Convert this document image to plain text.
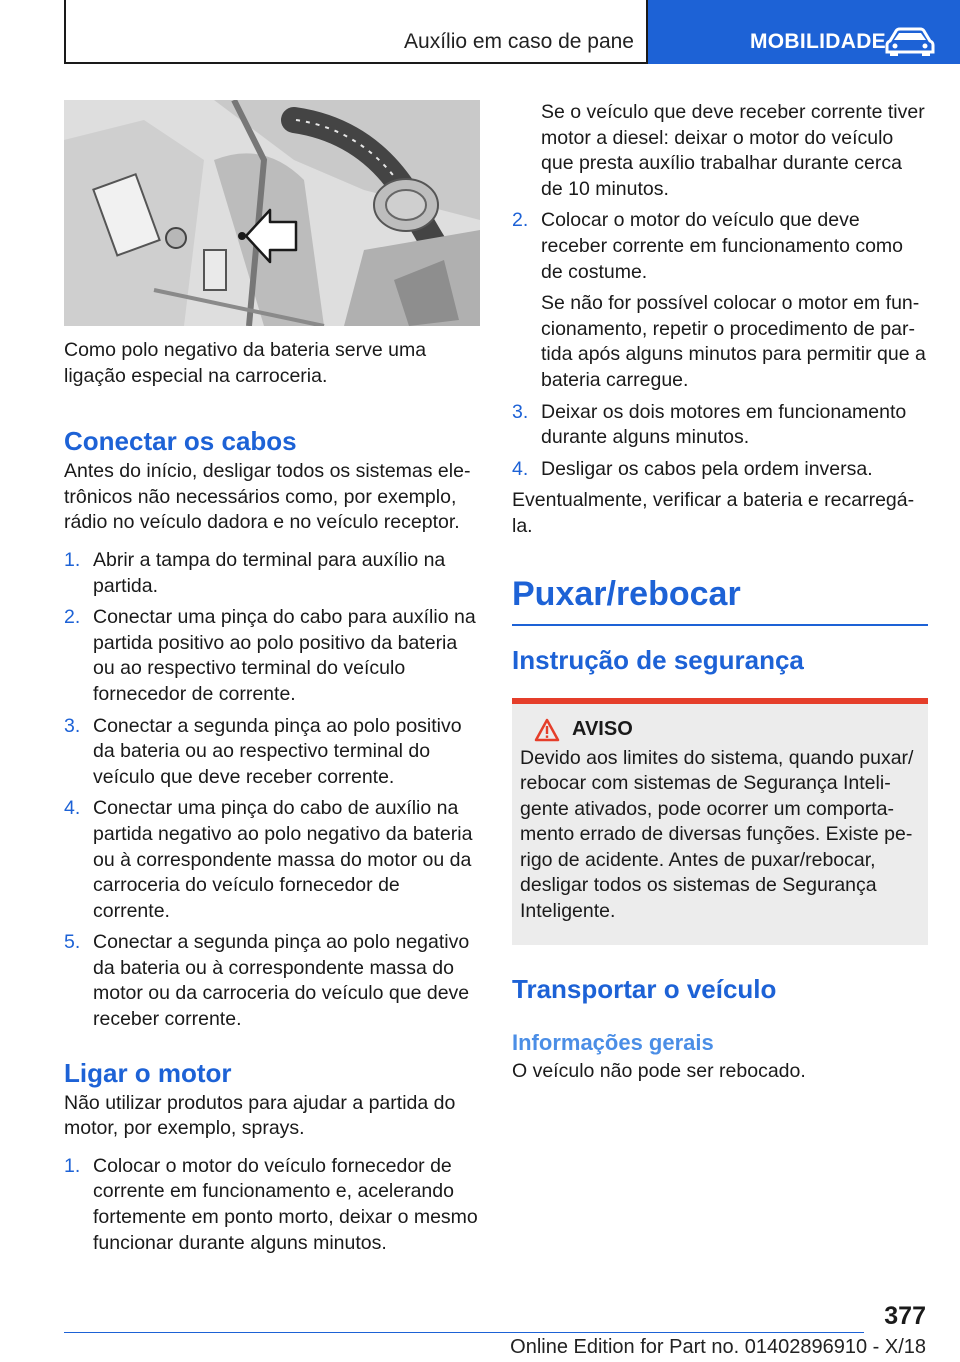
Auxílio em caso de pane	MOBILIDADE

Como polo negativo da bateria serve uma ligação especial na carroceria.

Conectar os cabos

Antes do início, desligar todos os sistemas eletrônicos não necessários como, por exemplo, rádio no veículo dadora e no veículo receptor.

1. Abrir a tampa do terminal para auxílio na partida.
2. Conectar uma pinça do cabo para auxílio na partida positivo ao polo positivo da bateria ou ao respectivo terminal do veículo fornecedor de corrente.
3. Conectar a segunda pinça ao polo positivo da bateria ou ao respectivo terminal do veículo que deve receber corrente.
4. Conectar uma pinça do cabo de auxílio na partida negativo ao polo negativo da bateria ou à correspondente massa do motor ou da carroceria do veículo fornecedor de corrente.
5. Conectar a segunda pinça ao polo negativo da bateria ou à correspondente massa do motor ou da carroceria do veículo que deve receber corrente.
Ligar o motor

Não utilizar produtos para ajudar a partida do motor, por exemplo, sprays.

1. Colocar o motor do veículo fornecedor de corrente em funcionamento e, acelerando fortemente em ponto morto, deixar o mesmo funcionar durante alguns minutos.

Se o veículo que deve receber corrente tiver motor a diesel: deixar o motor do veículo que presta auxílio trabalhar durante cerca de 10 minutos.

2. Colocar o motor do veículo que deve receber corrente em funcionamento como de costume.
Se não for possível colocar o motor em funcionamento, repetir o procedimento de partida após alguns minutos para permitir que a bateria carregue.
3. Deixar os dois motores em funcionamento durante alguns minutos.
4. Desligar os cabos pela ordem inversa.

Eventualmente, verificar a bateria e recarregá-la.

Puxar/rebocar
Instrução de segurança
AVISO

Devido aos limites do sistema, quando puxar/ rebocar com sistemas de Segurança Inteligente ativados, pode ocorrer um comportamento errado de diversas funções. Existe perigo de acidente. Antes de puxar/rebocar, desligar todos os sistemas de Segurança Inteligente.

Transportar o veículo
Informações gerais

O veículo não pode ser rebocado.

377
Online Edition for Part no. 01402896910 - X/18
